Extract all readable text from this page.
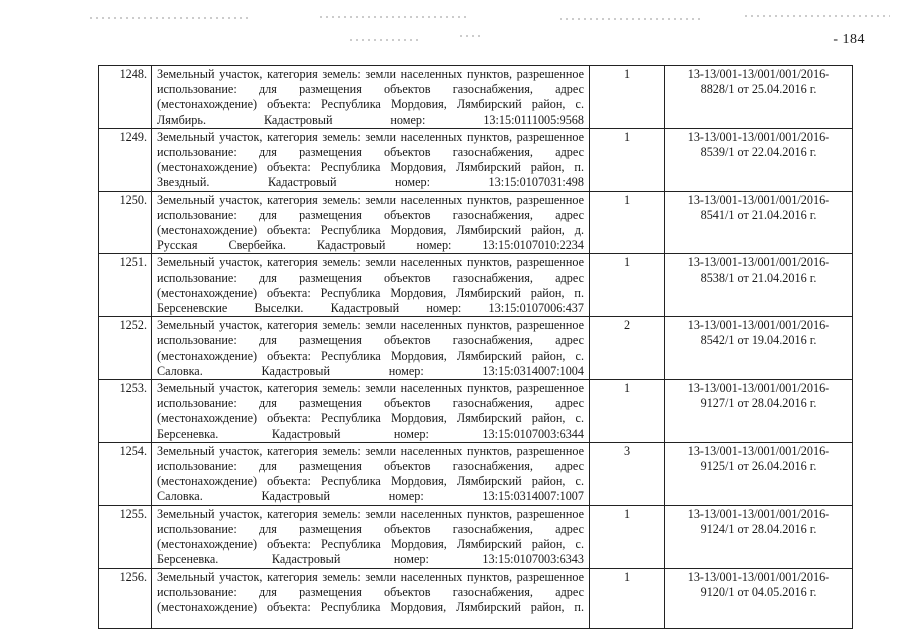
- 184
1248.	Земельный участок, категория земель: земли населенных пунктов, разрешенное использование: для размещения объектов газоснабжения, адрес (местонахождение) объекта: Республика Мордовия, Лямбирский район, с. Лямбирь. Кадастровый номер: 13:15:0111005:9568	1	13-13/001-13/001/001/2016-
8828/1 от 25.04.2016 г.

1249.	Земельный участок, категория земель: земли населенных пунктов, разрешенное использование: для размещения объектов газоснабжения, адрес (местонахождение) объекта: Республика Мордовия, Лямбирский район, п. Звездный. Кадастровый номер: 13:15:0107031:498	1	13-13/001-13/001/001/2016-
8539/1 от 22.04.2016 г.

1250.	Земельный участок, категория земель: земли населенных пунктов, разрешенное использование: для размещения объектов газоснабжения, адрес (местонахождение) объекта: Республика Мордовия, Лямбирский район, д. Русская Свербейка. Кадастровый номер: 13:15:0107010:2234	1	13-13/001-13/001/001/2016-
8541/1 от 21.04.2016 г.

1251.	Земельный участок, категория земель: земли населенных пунктов, разрешенное использование: для размещения объектов газоснабжения, адрес (местонахождение) объекта: Республика Мордовия, Лямбирский район, п. Берсеневские Выселки. Кадастровый номер: 13:15:0107006:437	1	13-13/001-13/001/001/2016-
8538/1 от 21.04.2016 г.

1252.	Земельный участок, категория земель: земли населенных пунктов, разрешенное использование: для размещения объектов газоснабжения, адрес (местонахождение) объекта: Республика Мордовия, Лямбирский район, с. Саловка. Кадастровый номер: 13:15:0314007:1004	2	13-13/001-13/001/001/2016-
8542/1 от 19.04.2016 г.

1253.	Земельный участок, категория земель: земли населенных пунктов, разрешенное использование: для размещения объектов газоснабжения, адрес (местонахождение) объекта: Республика Мордовия, Лямбирский район, с. Берсеневка. Кадастровый номер: 13:15:0107003:6344	1	13-13/001-13/001/001/2016-
9127/1 от 28.04.2016 г.

1254.	Земельный участок, категория земель: земли населенных пунктов, разрешенное использование: для размещения объектов газоснабжения, адрес (местонахождение) объекта: Республика Мордовия, Лямбирский район, с. Саловка. Кадастровый номер: 13:15:0314007:1007	3	13-13/001-13/001/001/2016-
9125/1 от 26.04.2016 г.

1255.	Земельный участок, категория земель: земли населенных пунктов, разрешенное использование: для размещения объектов газоснабжения, адрес (местонахождение) объекта: Республика Мордовия, Лямбирский район, с. Берсеневка. Кадастровый номер: 13:15:0107003:6343	1	13-13/001-13/001/001/2016-
9124/1 от 28.04.2016 г.

1256.	Земельный участок, категория земель: земли населенных пунктов, разрешенное использование: для размещения объектов газоснабжения, адрес (местонахождение) объекта: Республика Мордовия, Лямбирский район, п.	1	13-13/001-13/001/001/2016-
9120/1 от 04.05.2016 г.
